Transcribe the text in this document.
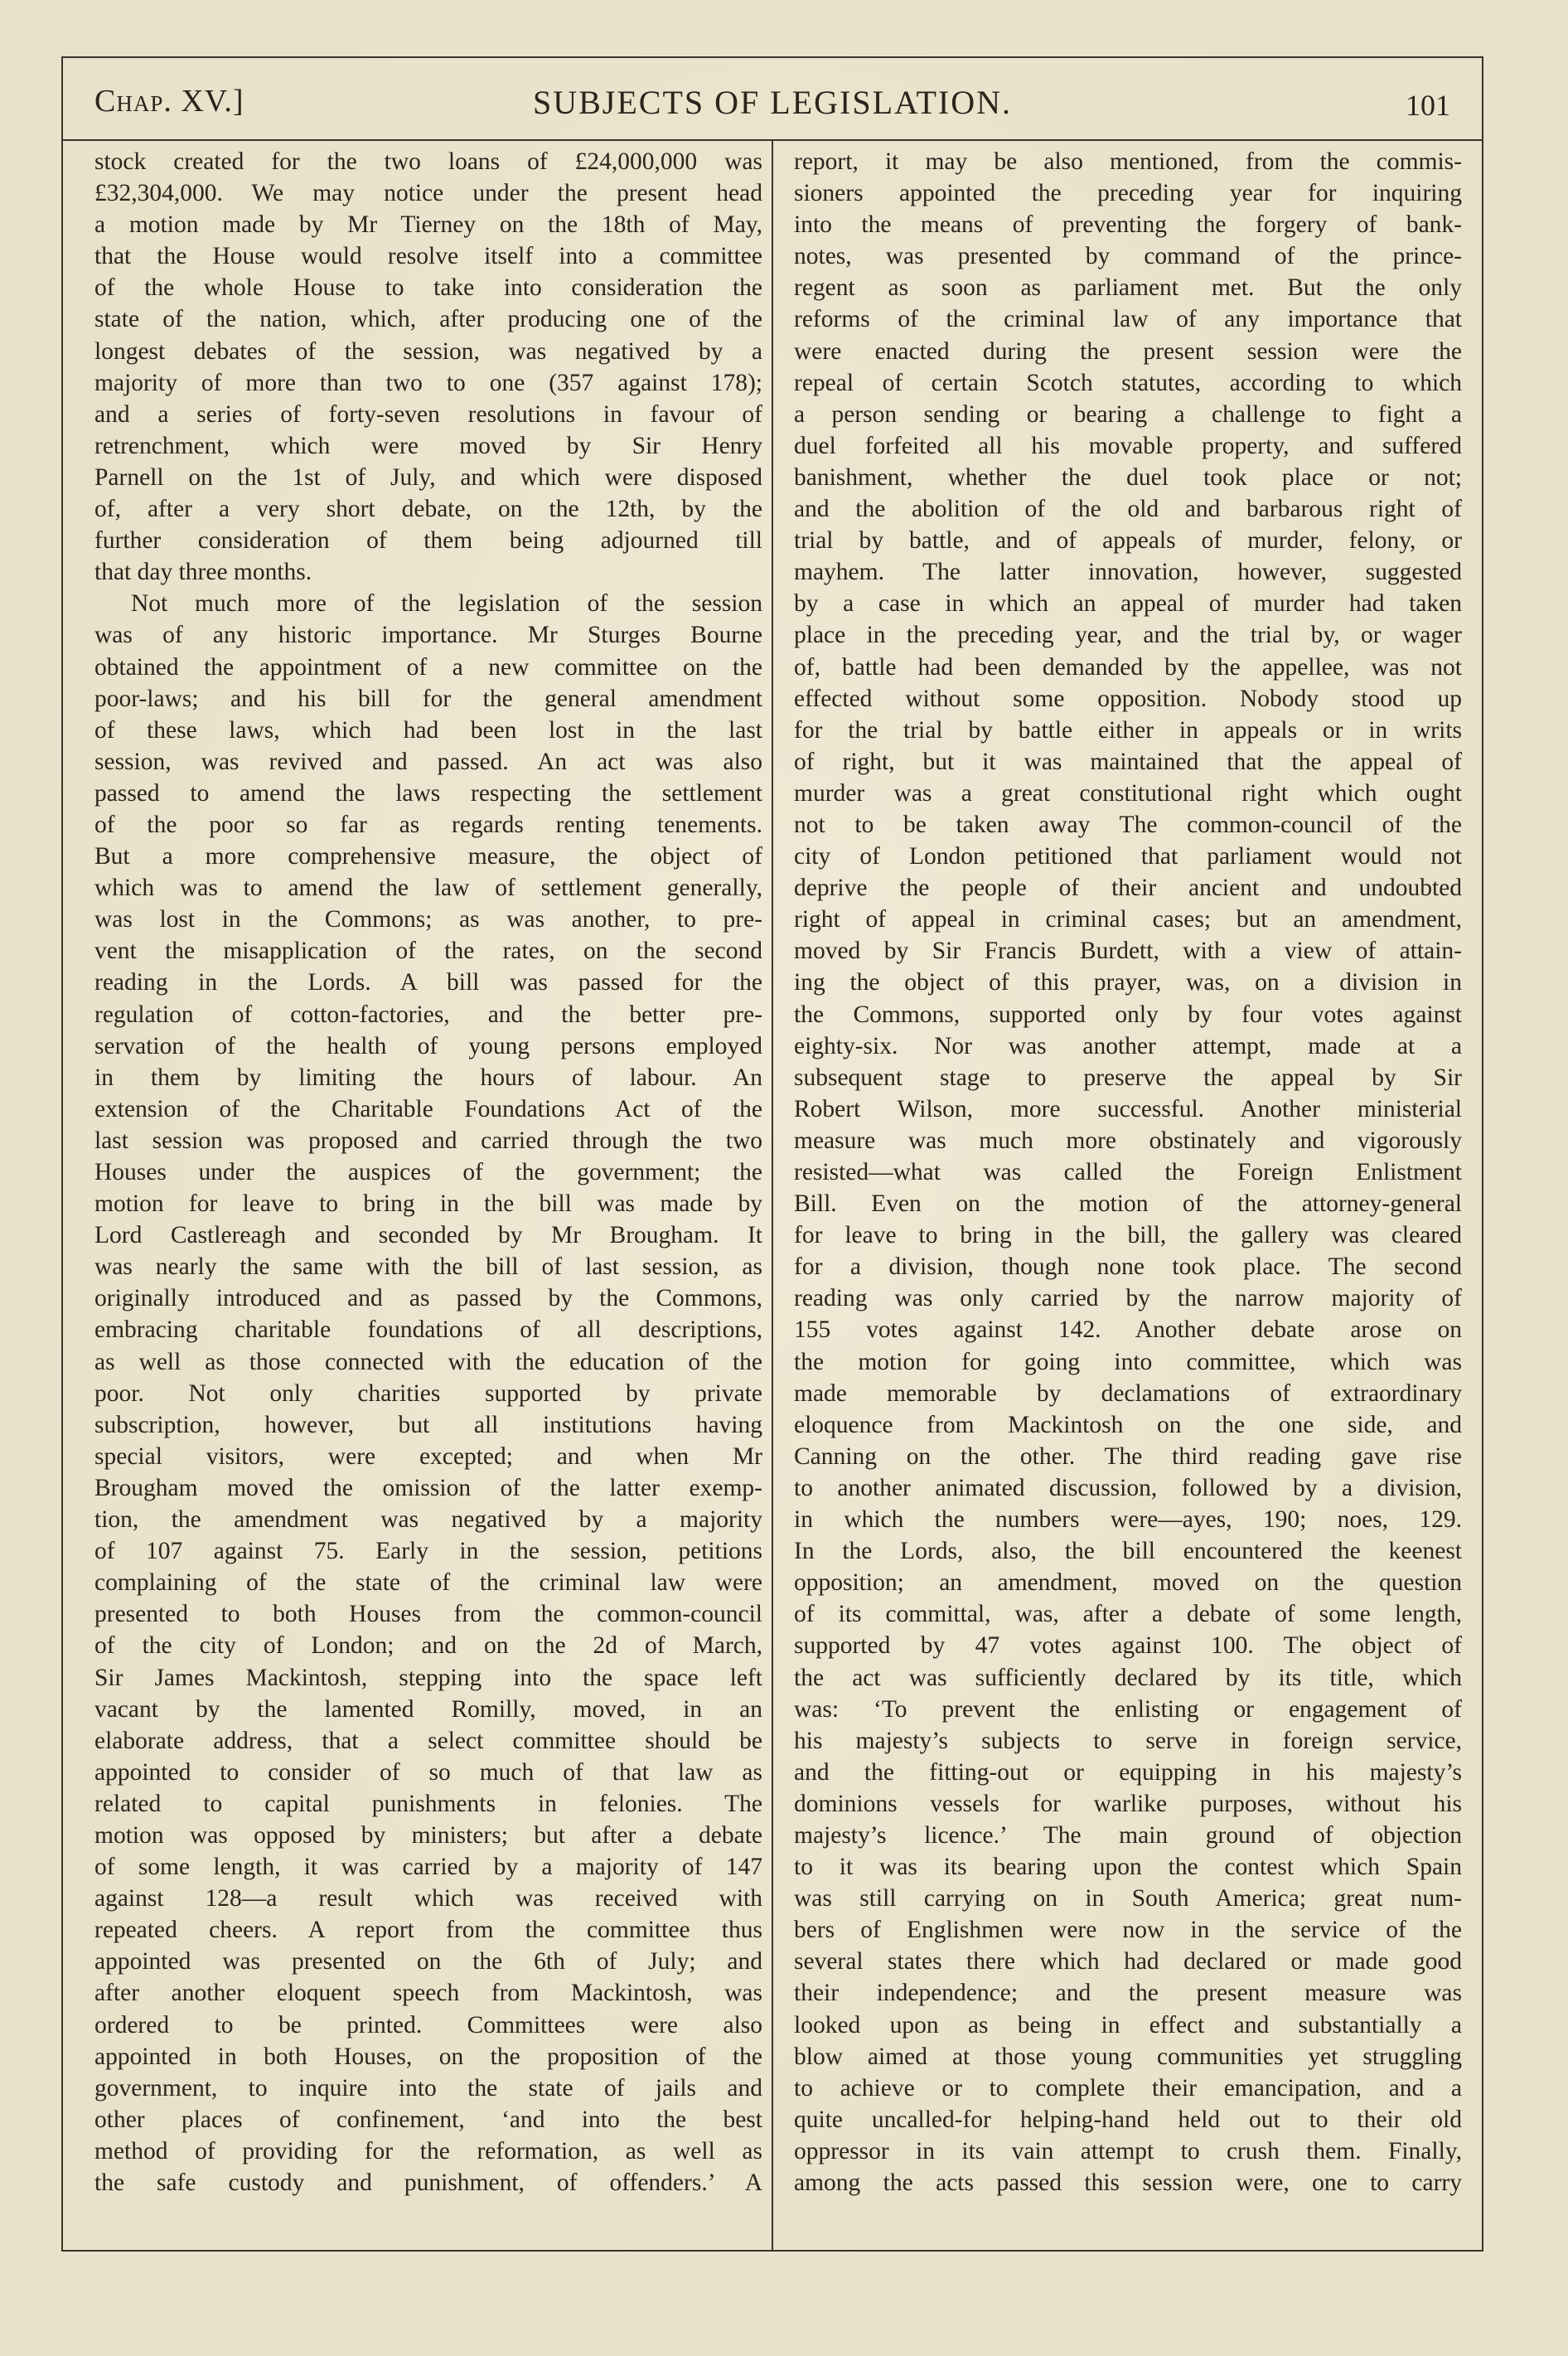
Chap. XV.]	SUBJECTS OF LEGISLATION.	101
stock created for the two loans of £24,000,000 was
£32,304,000. We may notice under the present head
a motion made by Mr Tierney on the 18th of May,
that the House would resolve itself into a committee
of the whole House to take into consideration the
state of the nation, which, after producing one of the
longest debates of the session, was negatived by a
majority of more than two to one (357 against 178);
and a series of forty-seven resolutions in favour of
retrenchment, which were moved by Sir Henry
Parnell on the 1st of July, and which were disposed
of, after a very short debate, on the 12th, by the
further consideration of them being adjourned till
that day three months.
Not much more of the legislation of the session
was of any historic importance. Mr Sturges Bourne
obtained the appointment of a new committee on the
poor-laws; and his bill for the general amendment
of these laws, which had been lost in the last
session, was revived and passed. An act was also
passed to amend the laws respecting the settlement
of the poor so far as regards renting tenements.
But a more comprehensive measure, the object of
which was to amend the law of settlement generally,
was lost in the Commons; as was another, to pre-
vent the misapplication of the rates, on the second
reading in the Lords. A bill was passed for the
regulation of cotton-factories, and the better pre-
servation of the health of young persons employed
in them by limiting the hours of labour. An
extension of the Charitable Foundations Act of the
last session was proposed and carried through the two
Houses under the auspices of the government; the
motion for leave to bring in the bill was made by
Lord Castlereagh and seconded by Mr Brougham. It
was nearly the same with the bill of last session, as
originally introduced and as passed by the Commons,
embracing charitable foundations of all descriptions,
as well as those connected with the education of the
poor. Not only charities supported by private
subscription, however, but all institutions having
special visitors, were excepted; and when Mr
Brougham moved the omission of the latter exemp-
tion, the amendment was negatived by a majority
of 107 against 75. Early in the session, petitions
complaining of the state of the criminal law were
presented to both Houses from the common-council
of the city of London; and on the 2d of March,
Sir James Mackintosh, stepping into the space left
vacant by the lamented Romilly, moved, in an
elaborate address, that a select committee should be
appointed to consider of so much of that law as
related to capital punishments in felonies. The
motion was opposed by ministers; but after a debate
of some length, it was carried by a majority of 147
against 128—a result which was received with
repeated cheers. A report from the committee thus
appointed was presented on the 6th of July; and
after another eloquent speech from Mackintosh, was
ordered to be printed. Committees were also
appointed in both Houses, on the proposition of the
government, to inquire into the state of jails and
other places of confinement, ‘and into the best
method of providing for the reformation, as well as
the safe custody and punishment, of offenders.’ A
report, it may be also mentioned, from the commis-
sioners appointed the preceding year for inquiring
into the means of preventing the forgery of bank-
notes, was presented by command of the prince-
regent as soon as parliament met. But the only
reforms of the criminal law of any importance that
were enacted during the present session were the
repeal of certain Scotch statutes, according to which
a person sending or bearing a challenge to fight a
duel forfeited all his movable property, and suffered
banishment, whether the duel took place or not;
and the abolition of the old and barbarous right of
trial by battle, and of appeals of murder, felony, or
mayhem. The latter innovation, however, suggested
by a case in which an appeal of murder had taken
place in the preceding year, and the trial by, or wager
of, battle had been demanded by the appellee, was not
effected without some opposition. Nobody stood up
for the trial by battle either in appeals or in writs
of right, but it was maintained that the appeal of
murder was a great constitutional right which ought
not to be taken away The common-council of the
city of London petitioned that parliament would not
deprive the people of their ancient and undoubted
right of appeal in criminal cases; but an amendment,
moved by Sir Francis Burdett, with a view of attain-
ing the object of this prayer, was, on a division in
the Commons, supported only by four votes against
eighty-six. Nor was another attempt, made at a
subsequent stage to preserve the appeal by Sir
Robert Wilson, more successful. Another ministerial
measure was much more obstinately and vigorously
resisted—what was called the Foreign Enlistment
Bill. Even on the motion of the attorney-general
for leave to bring in the bill, the gallery was cleared
for a division, though none took place. The second
reading was only carried by the narrow majority of
155 votes against 142. Another debate arose on
the motion for going into committee, which was
made memorable by declamations of extraordinary
eloquence from Mackintosh on the one side, and
Canning on the other. The third reading gave rise
to another animated discussion, followed by a division,
in which the numbers were—ayes, 190; noes, 129.
In the Lords, also, the bill encountered the keenest
opposition; an amendment, moved on the question
of its committal, was, after a debate of some length,
supported by 47 votes against 100. The object of
the act was sufficiently declared by its title, which
was: ‘To prevent the enlisting or engagement of
his majesty’s subjects to serve in foreign service,
and the fitting-out or equipping in his majesty’s
dominions vessels for warlike purposes, without his
majesty’s licence.’ The main ground of objection
to it was its bearing upon the contest which Spain
was still carrying on in South America; great num-
bers of Englishmen were now in the service of the
several states there which had declared or made good
their independence; and the present measure was
looked upon as being in effect and substantially a
blow aimed at those young communities yet struggling
to achieve or to complete their emancipation, and a
quite uncalled-for helping-hand held out to their old
oppressor in its vain attempt to crush them. Finally,
among the acts passed this session were, one to carry
